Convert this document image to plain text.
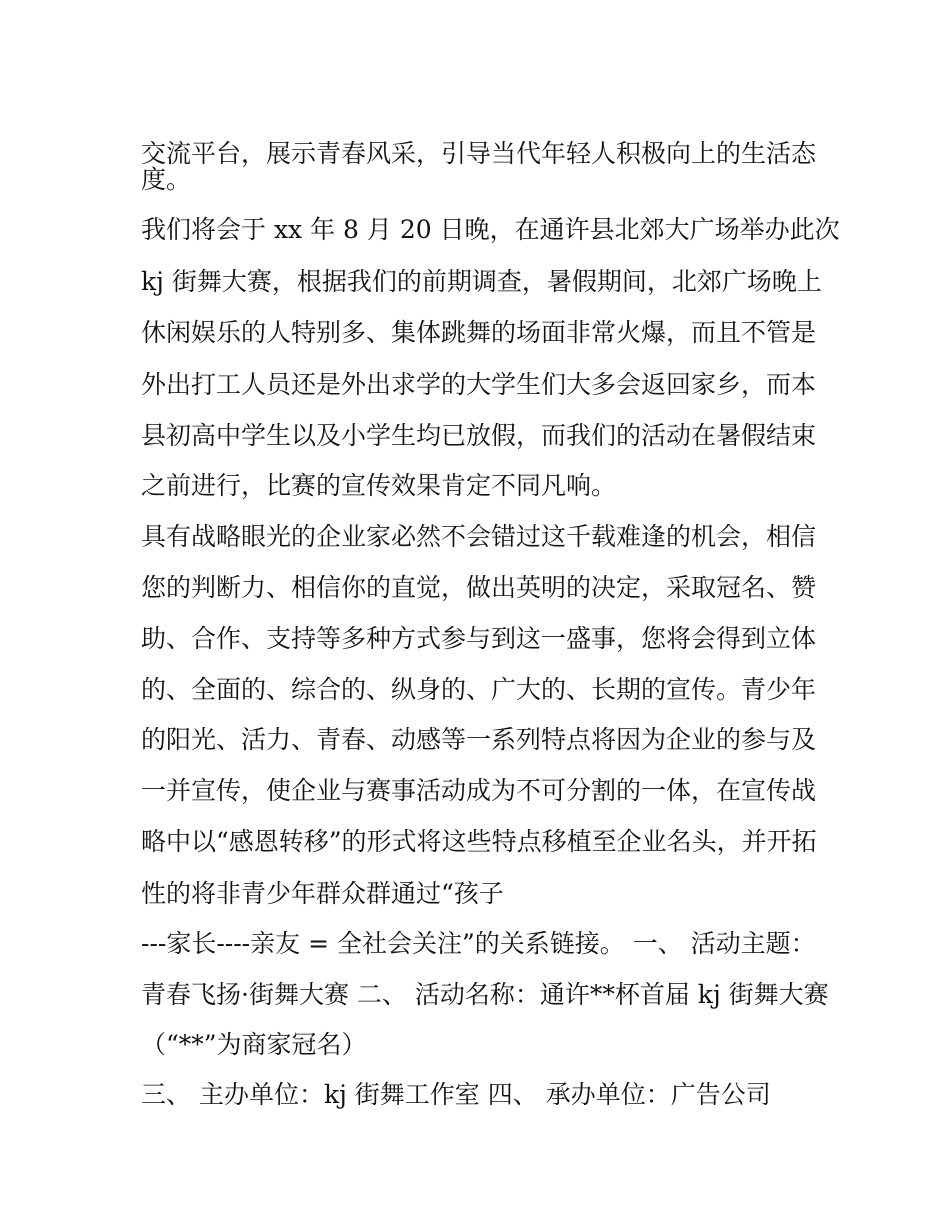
交流平台，展示青春风采，引导当代年轻人积极向上的生活态

度。

我们将会于 xx 年 8 月 20 日晚，在通许县北郊大广场举办此次

kj 街舞大赛，根据我们的前期调查，暑假期间，北郊广场晚上

休闲娱乐的人特别多、集体跳舞的场面非常火爆，而且不管是

外出打工人员还是外出求学的大学生们大多会返回家乡，而本

县初高中学生以及小学生均已放假，而我们的活动在暑假结束

之前进行，比赛的宣传效果肯定不同凡响。

具有战略眼光的企业家必然不会错过这千载难逢的机会，相信

您的判断力、相信你的直觉，做出英明的决定，采取冠名、赞

助、合作、支持等多种方式参与到这一盛事，您将会得到立体

的、全面的、综合的、纵身的、广大的、长期的宣传。青少年

的阳光、活力、青春、动感等一系列特点将因为企业的参与及

一并宣传，使企业与赛事活动成为不可分割的一体，在宣传战

略中以“感恩转移”的形式将这些特点移植至企业名头，并开拓

性的将非青少年群众群通过“孩子

---家长----亲友 = 全社会关注”的关系链接。 一、 活动主题：

青春飞扬·街舞大赛 二、 活动名称：通许**杯首届 kj 街舞大赛

（“**”为商家冠名）

三、 主办单位：kj 街舞工作室 四、 承办单位：广告公司
